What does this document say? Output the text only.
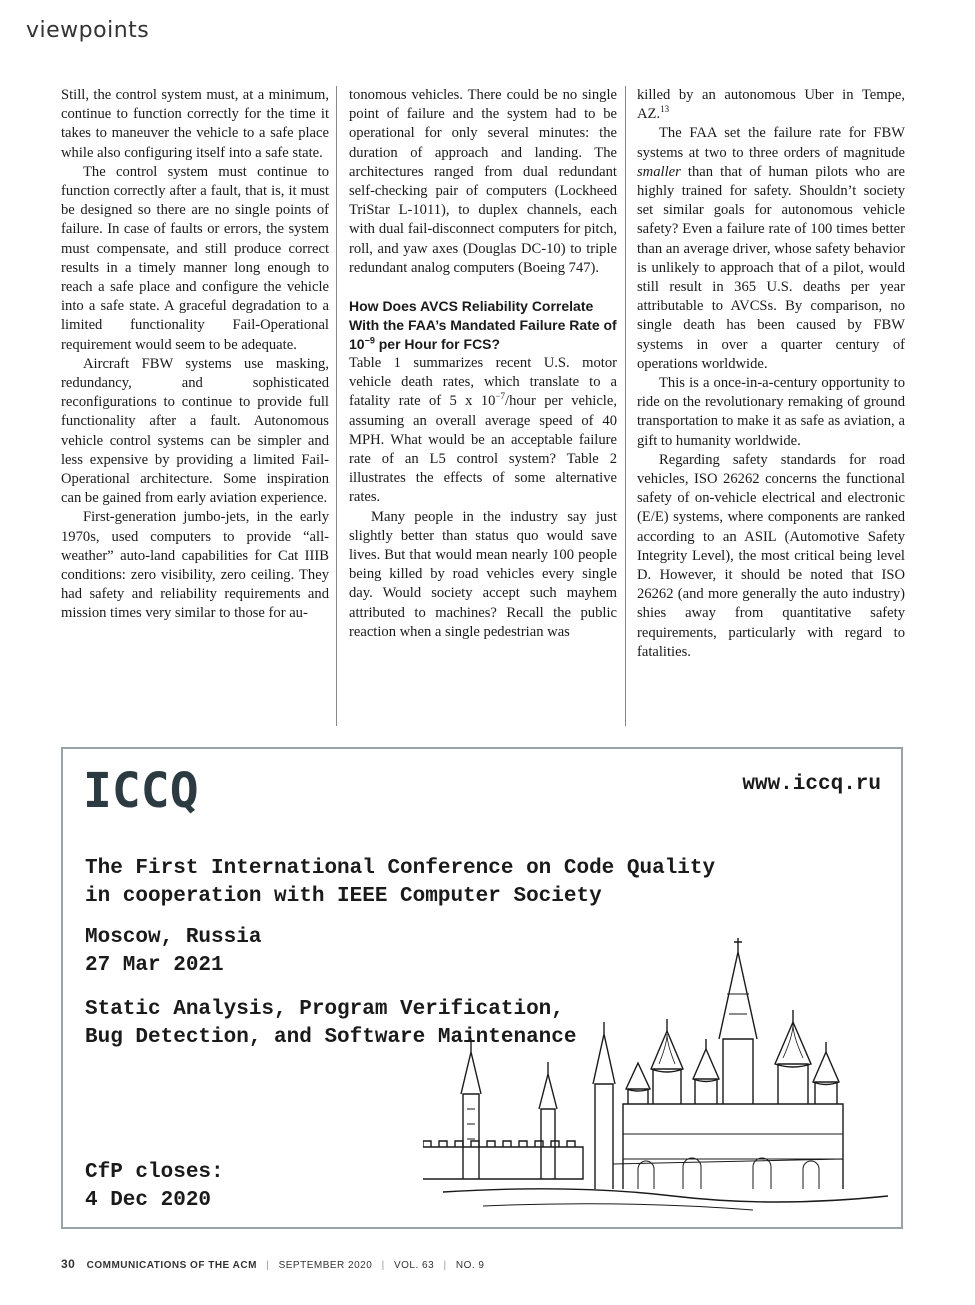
viewpoints

Still, the control system must, at a minimum, continue to function correctly for the time it takes to maneuver the vehicle to a safe place while also configuring itself into a safe state.

The control system must continue to function correctly after a fault, that is, it must be designed so there are no single points of failure. In case of faults or errors, the system must compensate, and still produce correct results in a timely manner long enough to reach a safe place and configure the vehicle into a safe state. A graceful degradation to a limited functionality Fail-Operational requirement would seem to be adequate.

Aircraft FBW systems use masking, redundancy, and sophisticated reconfigurations to continue to provide full functionality after a fault. Autonomous vehicle control systems can be simpler and less expensive by providing a limited Fail-Operational architecture. Some inspiration can be gained from early aviation experience.

First-generation jumbo-jets, in the early 1970s, used computers to provide “all-weather” auto-land capabilities for Cat IIIB conditions: zero visibility, zero ceiling. They had safety and reliability requirements and mission times very similar to those for au-

tonomous vehicles. There could be no single point of failure and the system had to be operational for only several minutes: the duration of approach and landing. The architectures ranged from dual redundant self-checking pair of computers (Lockheed TriStar L-1011), to duplex channels, each with dual fail-disconnect computers for pitch, roll, and yaw axes (Douglas DC-10) to triple redundant analog computers (Boeing 747).

How Does AVCS Reliability Correlate With the FAA’s Mandated Failure Rate of $10^{-9}$ per Hour for FCS?

Table 1 summarizes recent U.S. motor vehicle death rates, which translate to a fatality rate of 5 x $10^{-7}$/hour per vehicle, assuming an overall average speed of 40 MPH. What would be an acceptable failure rate of an L5 control system? Table 2 illustrates the effects of some alternative rates.

Many people in the industry say just slightly better than status quo would save lives. But that would mean nearly 100 people being killed by road vehicles every single day. Would society accept such mayhem attributed to machines? Recall the public reaction when a single pedestrian was

killed by an autonomous Uber in Tempe, AZ.$^{13}$

The FAA set the failure rate for FBW systems at two to three orders of magnitude smaller than that of human pilots who are highly trained for safety. Shouldn’t society set similar goals for autonomous vehicle safety? Even a failure rate of 100 times better than an average driver, whose safety behavior is unlikely to approach that of a pilot, would still result in 365 U.S. deaths per year attributable to AVCSs. By comparison, no single death has been caused by FBW systems in over a quarter century of operations worldwide.

This is a once-in-a-century opportunity to ride on the revolutionary remaking of ground transportation to make it as safe as aviation, a gift to humanity worldwide.

Regarding safety standards for road vehicles, ISO 26262 concerns the functional safety of on-vehicle electrical and electronic (E/E) systems, where components are ranked according to an ASIL (Automotive Safety Integrity Level), the most critical being level D. However, it should be noted that ISO 26262 (and more generally the auto industry) shies away from quantitative safety requirements, particularly with regard to fatalities.

ICCQ	www.iccq.ru
The First International Conference on Code Quality
in cooperation with IEEE Computer Society
Moscow, Russia
27 Mar 2021
Static Analysis, Program Verification,
Bug Detection, and Software Maintenance
CfP closes:
4 Dec 2020
30 COMMUNICATIONS OF THE ACM | SEPTEMBER 2020 | VOL. 63 | NO. 9
